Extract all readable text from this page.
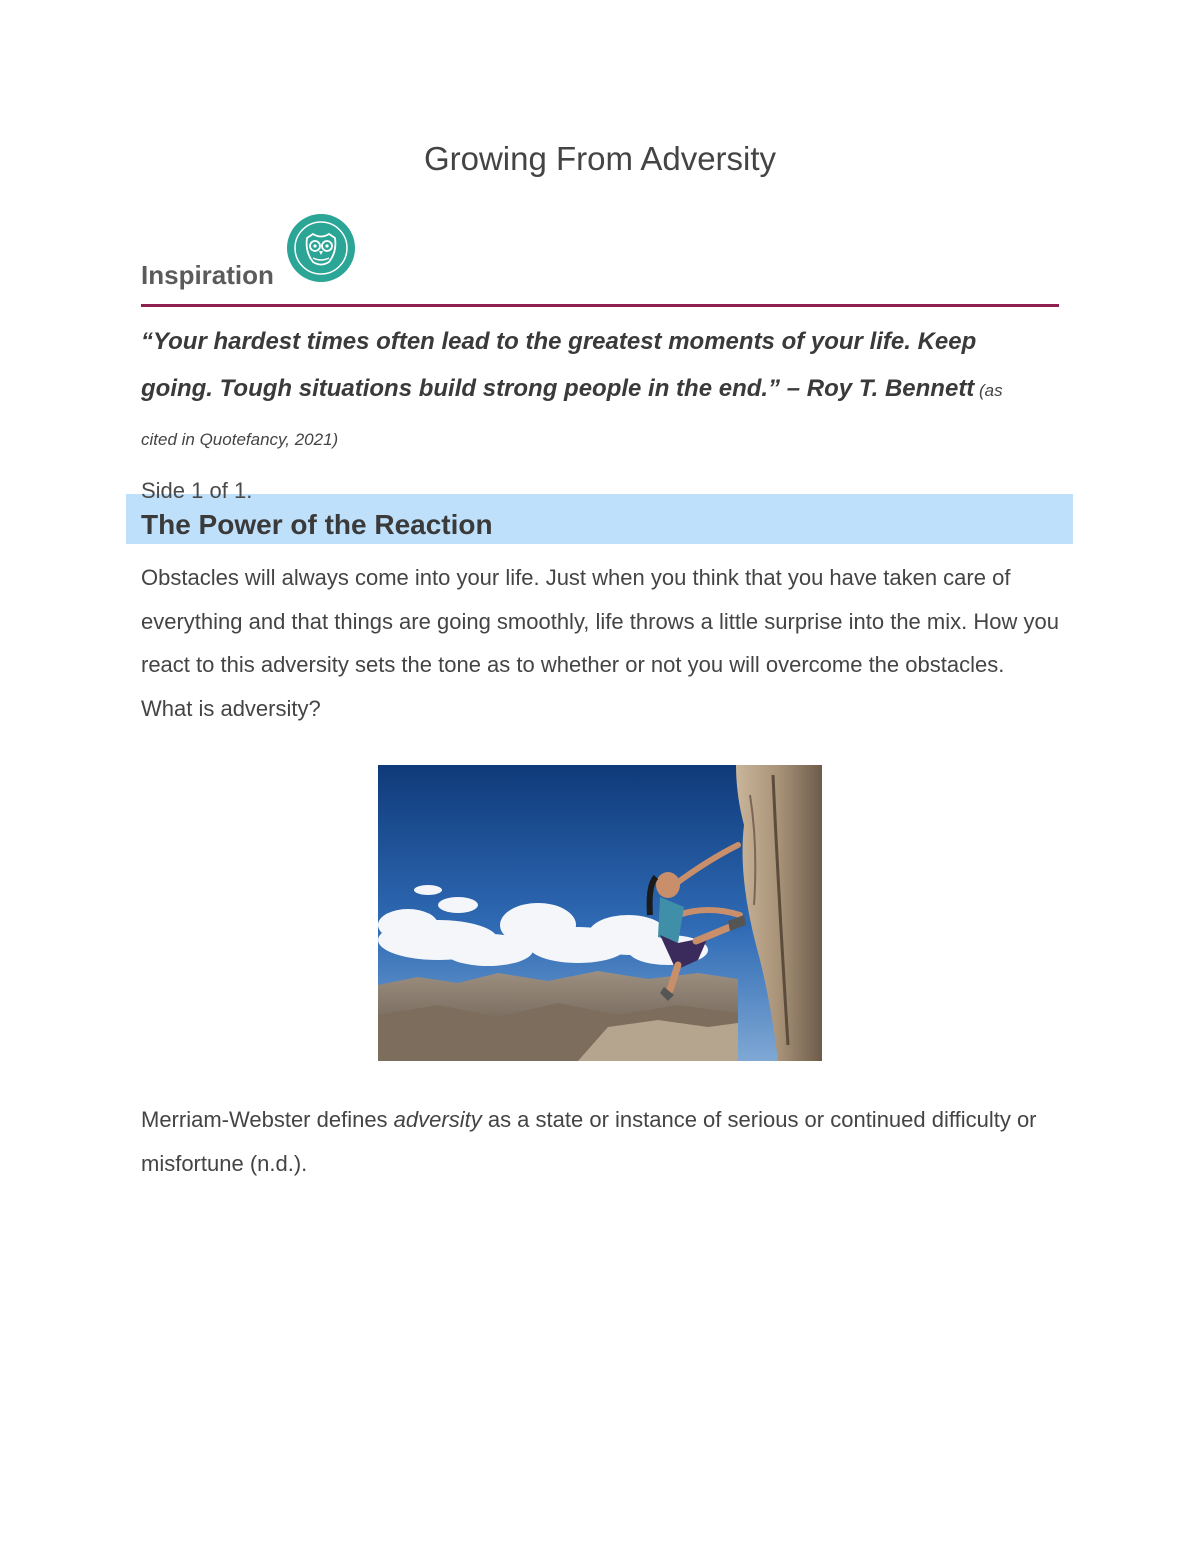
Growing From Adversity
Inspiration

“Your hardest times often lead to the greatest moments of your life. Keep going. Tough situations build strong people in the end.” – Roy T. Bennett (as cited in Quotefancy, 2021)

Side 1 of 1.

The Power of the Reaction

Obstacles will always come into your life. Just when you think that you have taken care of everything and that things are going smoothly, life throws a little surprise into the mix. How you react to this adversity sets the tone as to whether or not you will overcome the obstacles. What is adversity?

Merriam-Webster defines adversity as a state or instance of serious or continued difficulty or misfortune (n.d.).
